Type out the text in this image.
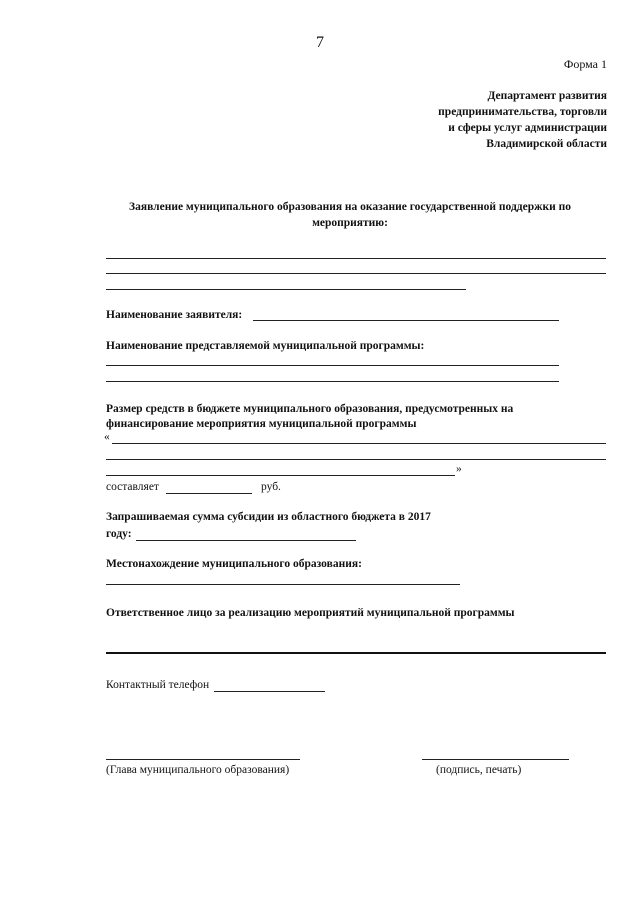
7
Форма 1
Департамент развития
предпринимательства, торговли
и сферы услуг администрации
Владимирской области
Заявление муниципального образования на оказание государственной поддержки по
мероприятию:
Наименование заявителя:
Наименование представляемой муниципальной программы:
Размер средств в бюджете муниципального образования, предусмотренных на
финансирование мероприятия муниципальной программы
«
»
составляет	руб.
Запрашиваемая сумма субсидии из областного бюджета в 2017
году:
Местонахождение муниципального образования:
Ответственное лицо за реализацию мероприятий муниципальной программы
Контактный телефон
(Глава муниципального образования)	(подпись, печать)
